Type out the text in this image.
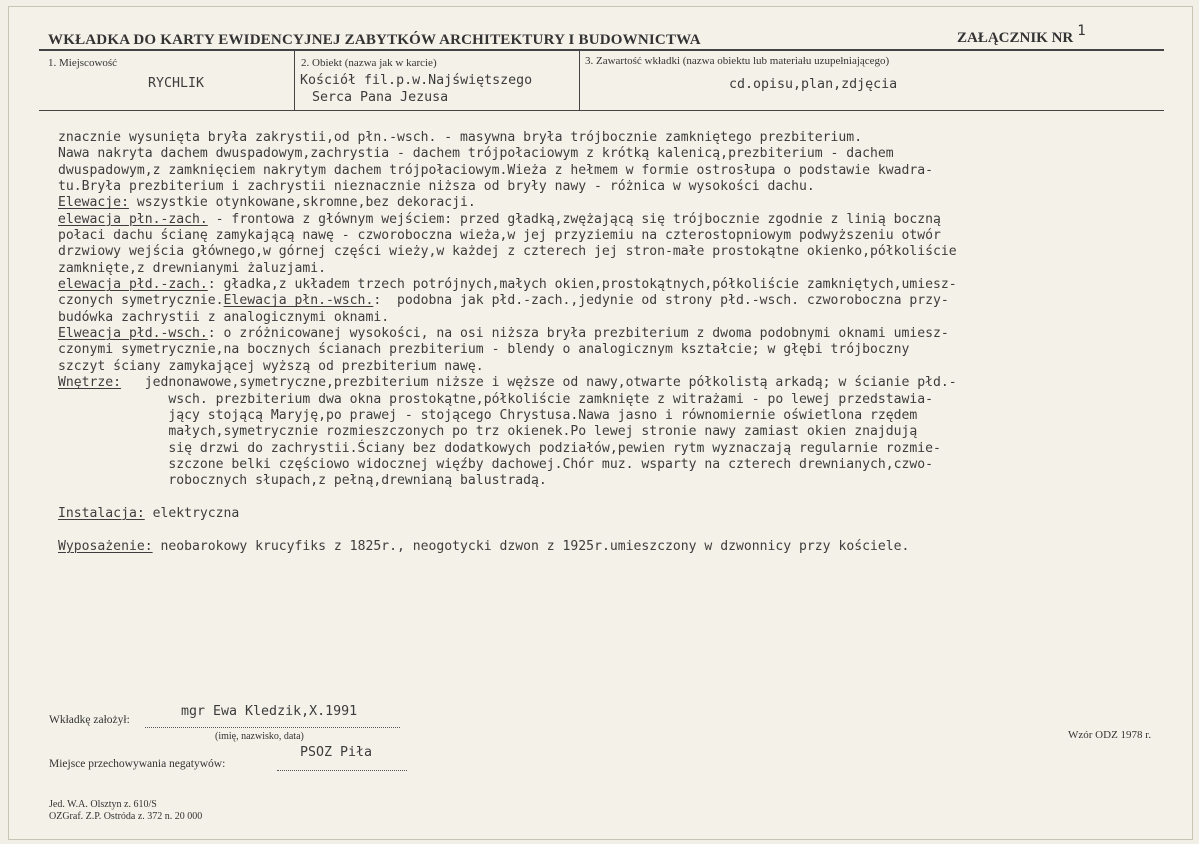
WKŁADKA DO KARTY EWIDENCYJNEJ ZABYTKÓW ARCHITEKTURY I BUDOWNICTWA	ZAŁĄCZNIK NR 1
1. Miejscowość
RYCHLIK
2. Obiekt (nazwa jak w karcie)
Kościół fil.p.w.Najświętszego
Serca Pana Jezusa
3. Zawartość wkładki (nazwa obiektu lub materiału uzupełniającego)
cd.opisu,plan,zdjęcia
znacznie wysunięta bryła zakrystii,od płn.-wsch. - masywna bryła trójbocznie zamkniętego prezbiterium.
Nawa nakryta dachem dwuspadowym,zachrystia - dachem trójpołaciowym z krótką kalenicą,prezbiterium - dachem
dwuspadowym,z zamknięciem nakrytym dachem trójpołaciowym.Wieża z hełmem w formie ostrosłupa o podstawie kwadra-
tu.Bryła prezbiterium i zachrystii nieznacznie niższa od bryły nawy - różnica w wysokości dachu.
Elewacje: wszystkie otynkowane,skromne,bez dekoracji.
elewacja płn.-zach. - frontowa z głównym wejściem: przed gładką,zwężającą się trójbocznie zgodnie z linią boczną
połaci dachu ścianę zamykającą nawę - czworoboczna wieża,w jej przyziemiu na czterostopniowym podwyższeniu otwór
drzwiowy wejścia głównego,w górnej części wieży,w każdej z czterech jej stron-małe prostokątne okienko,półkoliście
zamknięte,z drewnianymi żaluzjami.
elewacja płd.-zach.: gładka,z układem trzech potrójnych,małych okien,prostokątnych,półkoliście zamkniętych,umiesz-
czonych symetrycznie.Elewacja płn.-wsch.:  podobna jak płd.-zach.,jedynie od strony płd.-wsch. czworoboczna przy-
budówka zachrystii z analogicznymi oknami.
Elweacja płd.-wsch.: o zróżnicowanej wysokości, na osi niższa bryła prezbiterium z dwoma podobnymi oknami umiesz-
czonymi symetrycznie,na bocznych ścianach prezbiterium - blendy o analogicznym kształcie; w głębi trójboczny
szczyt ściany zamykającej wyższą od prezbiterium nawę.
Wnętrze:   jednonawowe,symetryczne,prezbiterium niższe i węższe od nawy,otwarte półkolistą arkadą; w ścianie płd.-
wsch. prezbiterium dwa okna prostokątne,półkoliście zamknięte z witrażami - po lewej przedstawia-
jący stojącą Maryję,po prawej - stojącego Chrystusa.Nawa jasno i równomiernie oświetlona rzędem
małych,symetrycznie rozmieszczonych po trz okienek.Po lewej stronie nawy zamiast okien znajdują
się drzwi do zachrystii.Ściany bez dodatkowych podziałów,pewien rytm wyznaczają regularnie rozmie-
szczone belki częściowo widocznej więźby dachowej.Chór muz. wsparty na czterech drewnianych,czwo-
robocznych słupach,z pełną,drewnianą balustradą.

Instalacja: elektryczna

Wyposażenie: neobarokowy krucyfiks z 1825r., neogotycki dzwon z 1925r.umieszczony w dzwonnicy przy kościele.
Wkładkę założył:
mgr Ewa Kledzik,X.1991
(imię, nazwisko, data)
Miejsce przechowywania negatywów:
PSOZ Piła
Wzór ODZ 1978 r.
Jed. W.A. Olsztyn z. 610/S
OZGraf. Z.P. Ostróda z. 372 n. 20 000
